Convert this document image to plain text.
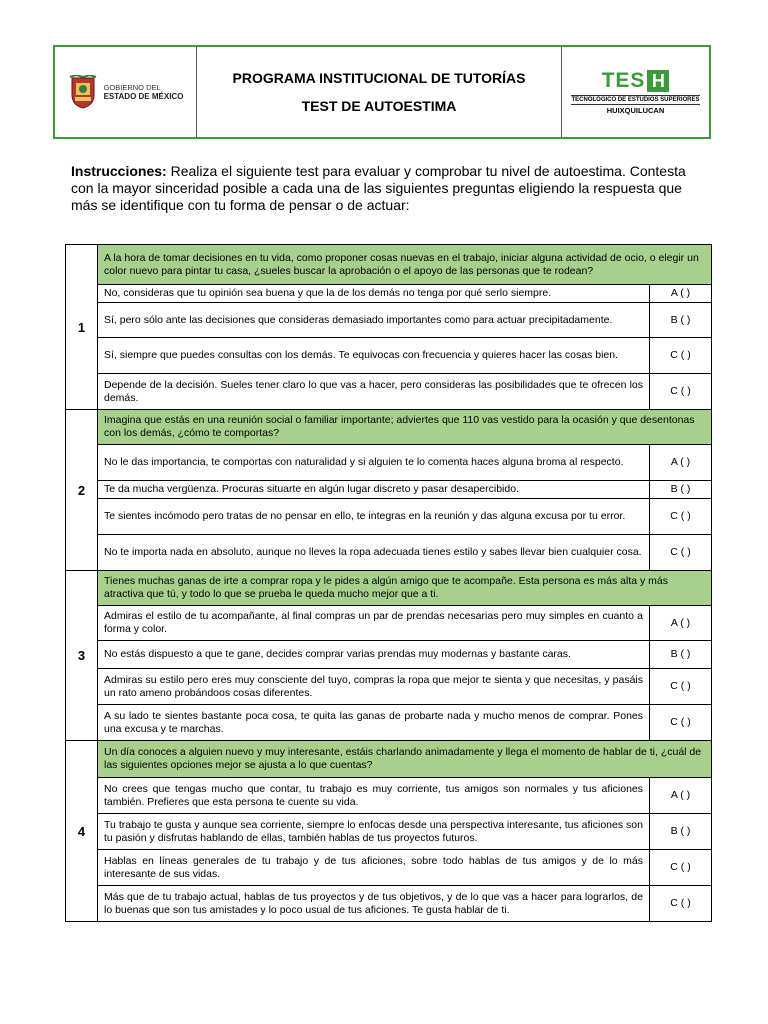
GOBIERNO DEL
ESTADO DE MÉXICO
PROGRAMA INSTITUCIONAL DE TUTORÍAS
TEST DE AUTOESTIMA
TES H
TECNOLÓGICO DE ESTUDIOS SUPERIORES
HUIXQUILUCAN
Instrucciones: Realiza el siguiente test para evaluar y comprobar tu nivel de autoestima. Contesta con la mayor sinceridad posible a cada una de las siguientes preguntas eligiendo la respuesta que más se identifique con tu forma de pensar o de actuar:
1	A la hora de tomar decisiones en tu vida, como proponer cosas nuevas en el trabajo, iniciar alguna actividad de ocio, o elegir un color nuevo para pintar tu casa, ¿sueles buscar la aprobación o el apoyo de las personas que te rodean?	
	No, consideras que tu opinión sea buena y que la de los demás no tenga por qué serlo siempre.	A ( )
	Sí, pero sólo ante las decisiones que consideras demasiado importantes como para actuar precipitadamente.	B ( )
	Sí, siempre que puedes consultas con los demás. Te equivocas con frecuencia y quieres hacer las cosas bien.	C ( )
	Depende de la decisión. Sueles tener claro lo que vas a hacer, pero consideras las posibilidades que te ofrecen los demás.	C ( )
2	Imagina que estás en una reunión social o familiar importante; adviertes que 110 vas vestido para la ocasión y que desentonas con los demás, ¿cómo te comportas?	
	No le das importancia, te comportas con naturalidad y si alguien te lo comenta haces alguna broma al respecto.	A ( )
	Te da mucha vergüenza. Procuras situarte en algún lugar discreto y pasar desapercibido.	B ( )
	Te sientes incómodo pero tratas de no pensar en ello, te integras en la reunión y das alguna excusa por tu error.	C ( )
	No te importa nada en absoluto, aunque no lleves la ropa adecuada tienes estilo y sabes llevar bien cualquier cosa.	C ( )
3	Tienes muchas ganas de irte a comprar ropa y le pides a algún amigo que te acompañe. Esta persona es más alta y más atractiva que tú, y todo lo que se prueba le queda mucho mejor que a ti.	
	Admiras el estilo de tu acompañante, al final compras un par de prendas necesarias pero muy simples en cuanto a forma y color.	A ( )
	No estás dispuesto a que te gane, decides comprar varias prendas muy modernas y bastante caras.	B ( )
	Admiras su estilo pero eres muy consciente del tuyo, compras la ropa que mejor te sienta y que necesitas, y pasáis un rato ameno probándoos cosas diferentes.	C ( )
	A su lado te sientes bastante poca cosa, te quita las ganas de probarte nada y mucho menos de comprar. Pones una excusa y te marchas.	C ( )
4	Un día conoces a alguien nuevo y muy interesante, estáis charlando animadamente y llega el momento de hablar de ti, ¿cuál de las siguientes opciones mejor se ajusta a lo que cuentas?	
	No crees que tengas mucho que contar, tu trabajo es muy corriente, tus amigos son normales y tus aficiones también. Prefieres que esta persona te cuente su vida.	A ( )
	Tu trabajo te gusta y aunque sea corriente, siempre lo enfocas desde una perspectiva interesante, tus aficiones son tu pasión y disfrutas hablando de ellas, también hablas de tus proyectos futuros.	B ( )
	Hablas en líneas generales de tu trabajo y de tus aficiones, sobre todo hablas de tus amigos y de lo más interesante de sus vidas.	C ( )
	Más que de tu trabajo actual, hablas de tus proyectos y de tus objetivos, y de lo que vas a hacer para lograrlos, de lo buenas que son tus amistades y lo poco usual de tus aficiones. Te gusta hablar de ti.	C ( )
